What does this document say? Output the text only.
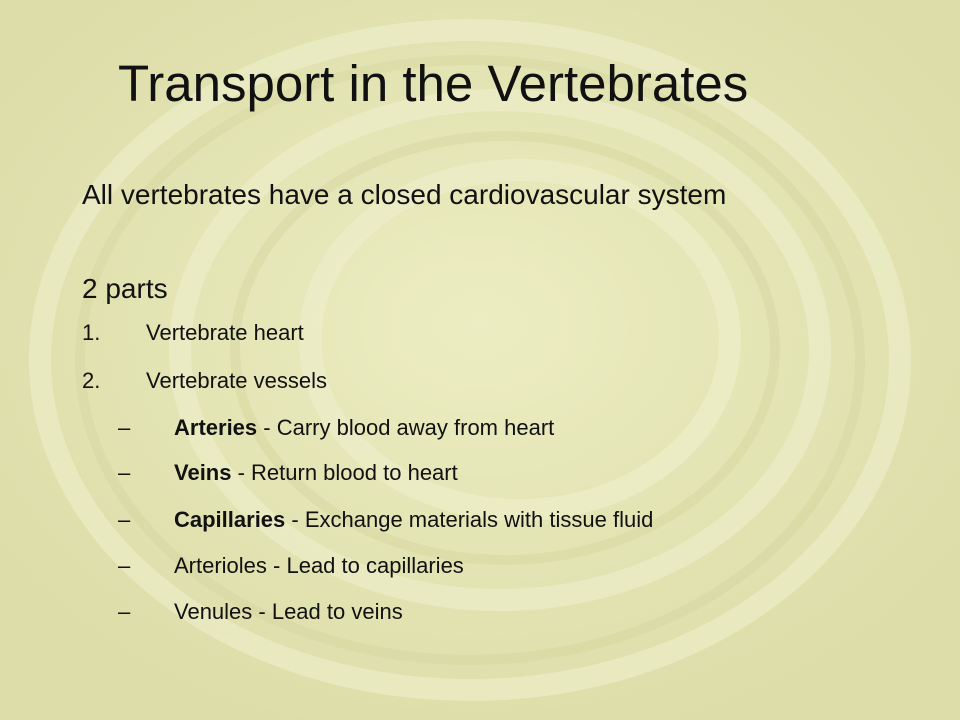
Transport in the Vertebrates
All vertebrates have a closed cardiovascular system
2 parts
1. Vertebrate heart
2. Vertebrate vessels
– Arteries - Carry blood away from heart
– Veins - Return blood to heart
– Capillaries - Exchange materials with tissue fluid
– Arterioles - Lead to capillaries
– Venules - Lead to veins
